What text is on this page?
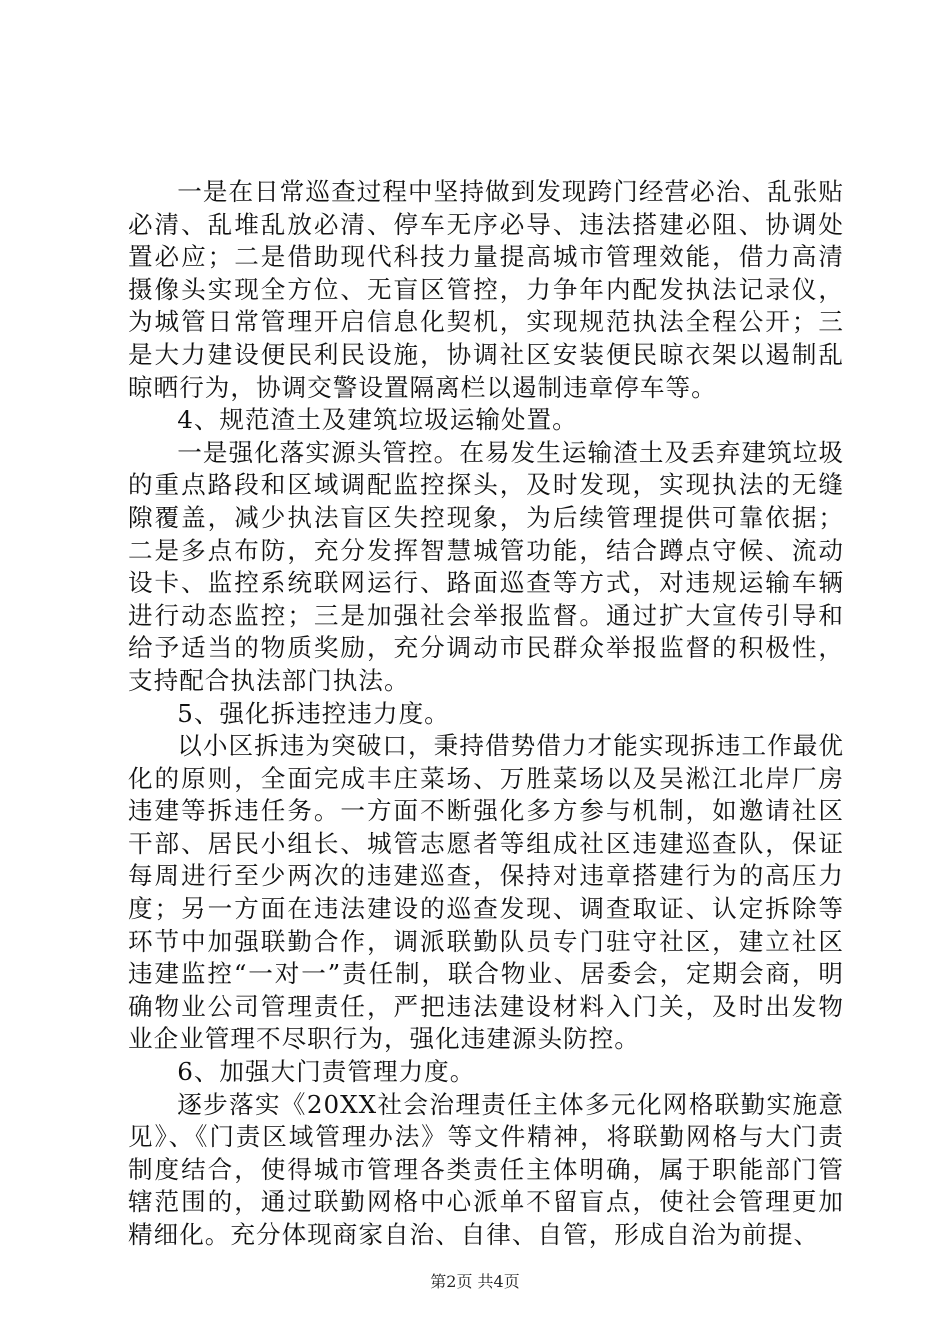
一是在日常巡查过程中坚持做到发现跨门经营必治、乱张贴必清、乱堆乱放必清、停车无序必导、违法搭建必阻、协调处置必应；二是借助现代科技力量提高城市管理效能，借力高清摄像头实现全方位、无盲区管控，力争年内配发执法记录仪，为城管日常管理开启信息化契机，实现规范执法全程公开；三是大力建设便民利民设施，协调社区安装便民晾衣架以遏制乱晾晒行为，协调交警设置隔离栏以遏制违章停车等。

4、规范渣土及建筑垃圾运输处置。

一是强化落实源头管控。在易发生运输渣土及丢弃建筑垃圾的重点路段和区域调配监控探头，及时发现，实现执法的无缝隙覆盖，减少执法盲区失控现象，为后续管理提供可靠依据；二是多点布防，充分发挥智慧城管功能，结合蹲点守候、流动设卡、监控系统联网运行、路面巡查等方式，对违规运输车辆进行动态监控；三是加强社会举报监督。通过扩大宣传引导和给予适当的物质奖励，充分调动市民群众举报监督的积极性，支持配合执法部门执法。

5、强化拆违控违力度。

以小区拆违为突破口，秉持借势借力才能实现拆违工作最优化的原则，全面完成丰庄菜场、万胜菜场以及吴淞江北岸厂房违建等拆违任务。一方面不断强化多方参与机制，如邀请社区干部、居民小组长、城管志愿者等组成社区违建巡查队，保证每周进行至少两次的违建巡查，保持对违章搭建行为的高压力度；另一方面在违法建设的巡查发现、调查取证、认定拆除等环节中加强联勤合作，调派联勤队员专门驻守社区，建立社区违建监控“一对一”责任制，联合物业、居委会，定期会商，明确物业公司管理责任，严把违法建设材料入门关，及时出发物业企业管理不尽职行为，强化违建源头防控。

6、加强大门责管理力度。

逐步落实《20XX社会治理责任主体多元化网格联勤实施意见》、《门责区域管理办法》等文件精神，将联勤网格与大门责制度结合，使得城市管理各类责任主体明确，属于职能部门管辖范围的，通过联勤网格中心派单不留盲点，使社会管理更加精细化。充分体现商家自治、自律、自管，形成自治为前提、

第2页 共4页
